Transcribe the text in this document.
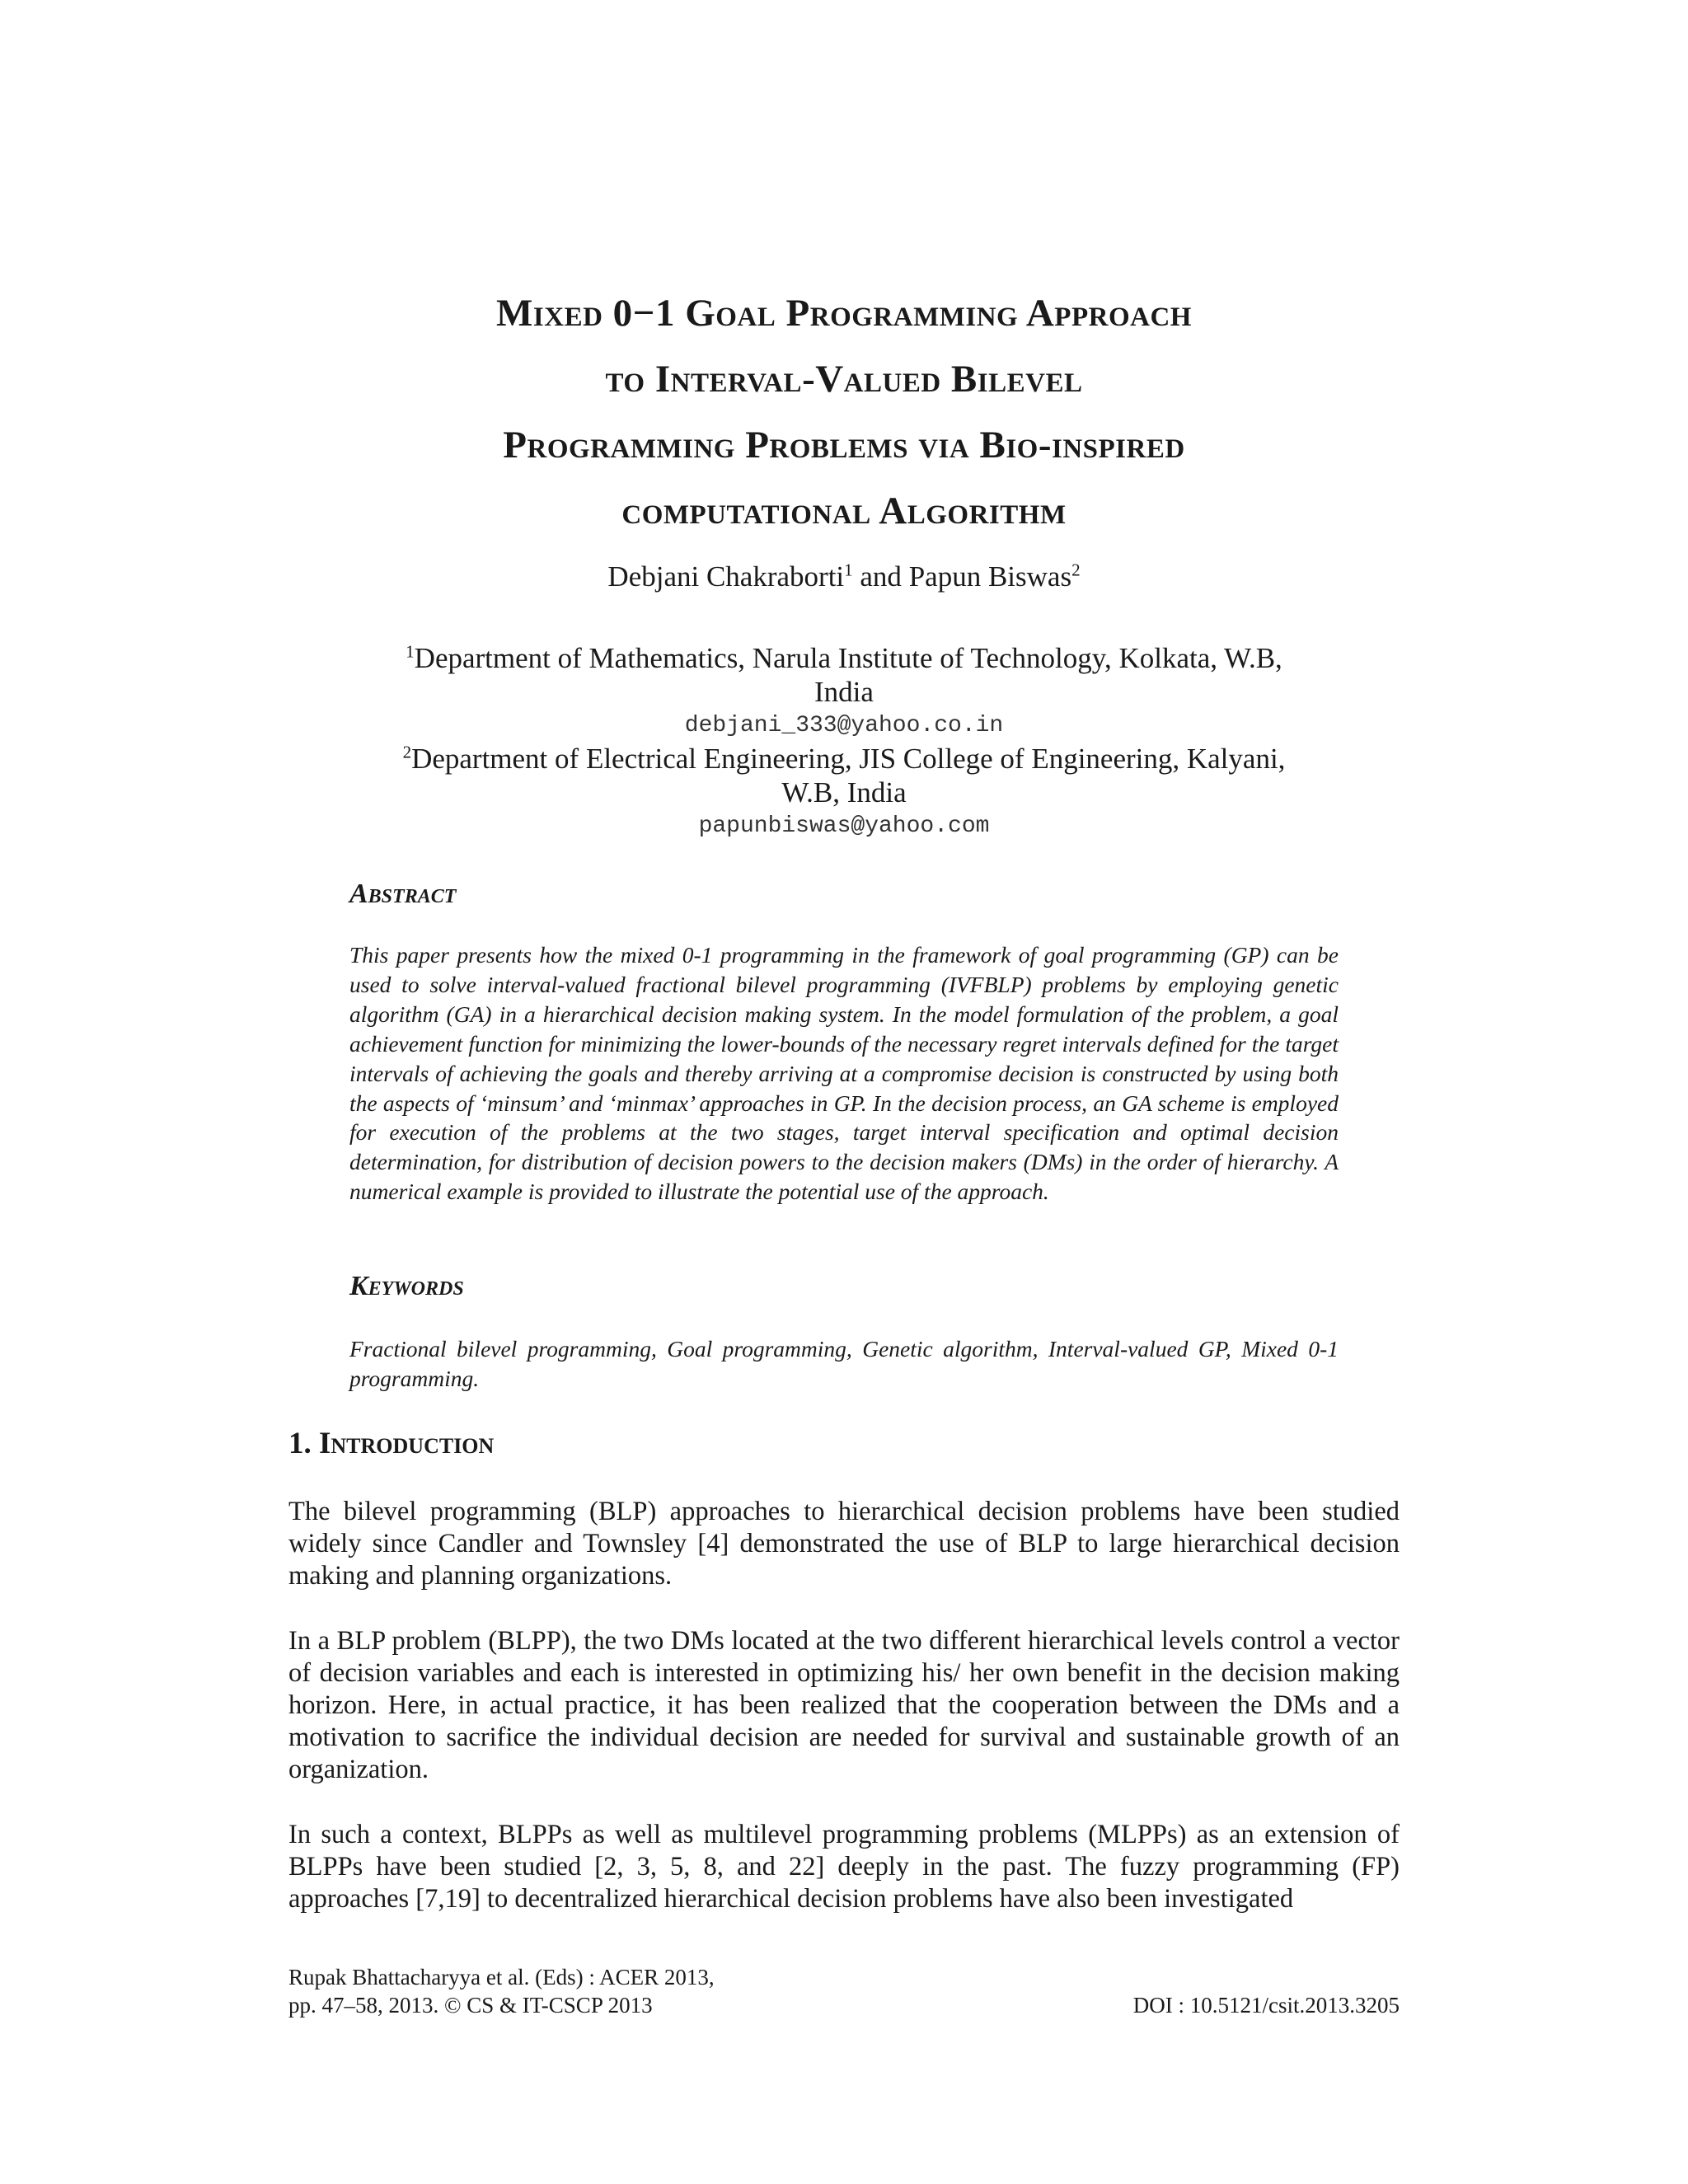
Mixed 0−1 Goal Programming Approach
to Interval-Valued Bilevel
Programming Problems via Bio-inspired
computational Algorithm
Debjani Chakraborti$^1$ and Papun Biswas$^2$
$^1$Department of Mathematics, Narula Institute of Technology, Kolkata, W.B,
India
debjani_333@yahoo.co.in
$^2$Department of Electrical Engineering, JIS College of Engineering, Kalyani,
W.B, India
papunbiswas@yahoo.com
Abstract
This paper presents how the mixed 0-1 programming in the framework of goal programming (GP) can be used to solve interval-valued fractional bilevel programming (IVFBLP) problems by employing genetic algorithm (GA) in a hierarchical decision making system. In the model formulation of the problem, a goal achievement function for minimizing the lower-bounds of the necessary regret intervals defined for the target intervals of achieving the goals and thereby arriving at a compromise decision is constructed by using both the aspects of ‘minsum’ and ‘minmax’ approaches in GP. In the decision process, an GA scheme is employed for execution of the problems at the two stages, target interval specification and optimal decision determination, for distribution of decision powers to the decision makers (DMs) in the order of hierarchy. A numerical example is provided to illustrate the potential use of the approach.
Keywords
Fractional bilevel programming, Goal programming, Genetic algorithm, Interval-valued GP, Mixed 0-1 programming.
1. Introduction

The bilevel programming (BLP) approaches to hierarchical decision problems have been studied widely since Candler and Townsley [4] demonstrated the use of BLP to large hierarchical decision making and planning organizations.

In a BLP problem (BLPP), the two DMs located at the two different hierarchical levels control a vector of decision variables and each is interested in optimizing his/ her own benefit in the decision making horizon. Here, in actual practice, it has been realized that the cooperation between the DMs and a motivation to sacrifice the individual decision are needed for survival and sustainable growth of an organization.

In such a context, BLPPs as well as multilevel programming problems (MLPPs) as an extension of BLPPs have been studied [2, 3, 5, 8, and 22] deeply in the past. The fuzzy programming (FP) approaches [7,19] to decentralized hierarchical decision problems have also been investigated

Rupak Bhattacharyya et al. (Eds) : ACER 2013,
pp. 47–58, 2013. © CS & IT-CSCP 2013	DOI : 10.5121/csit.2013.3205
